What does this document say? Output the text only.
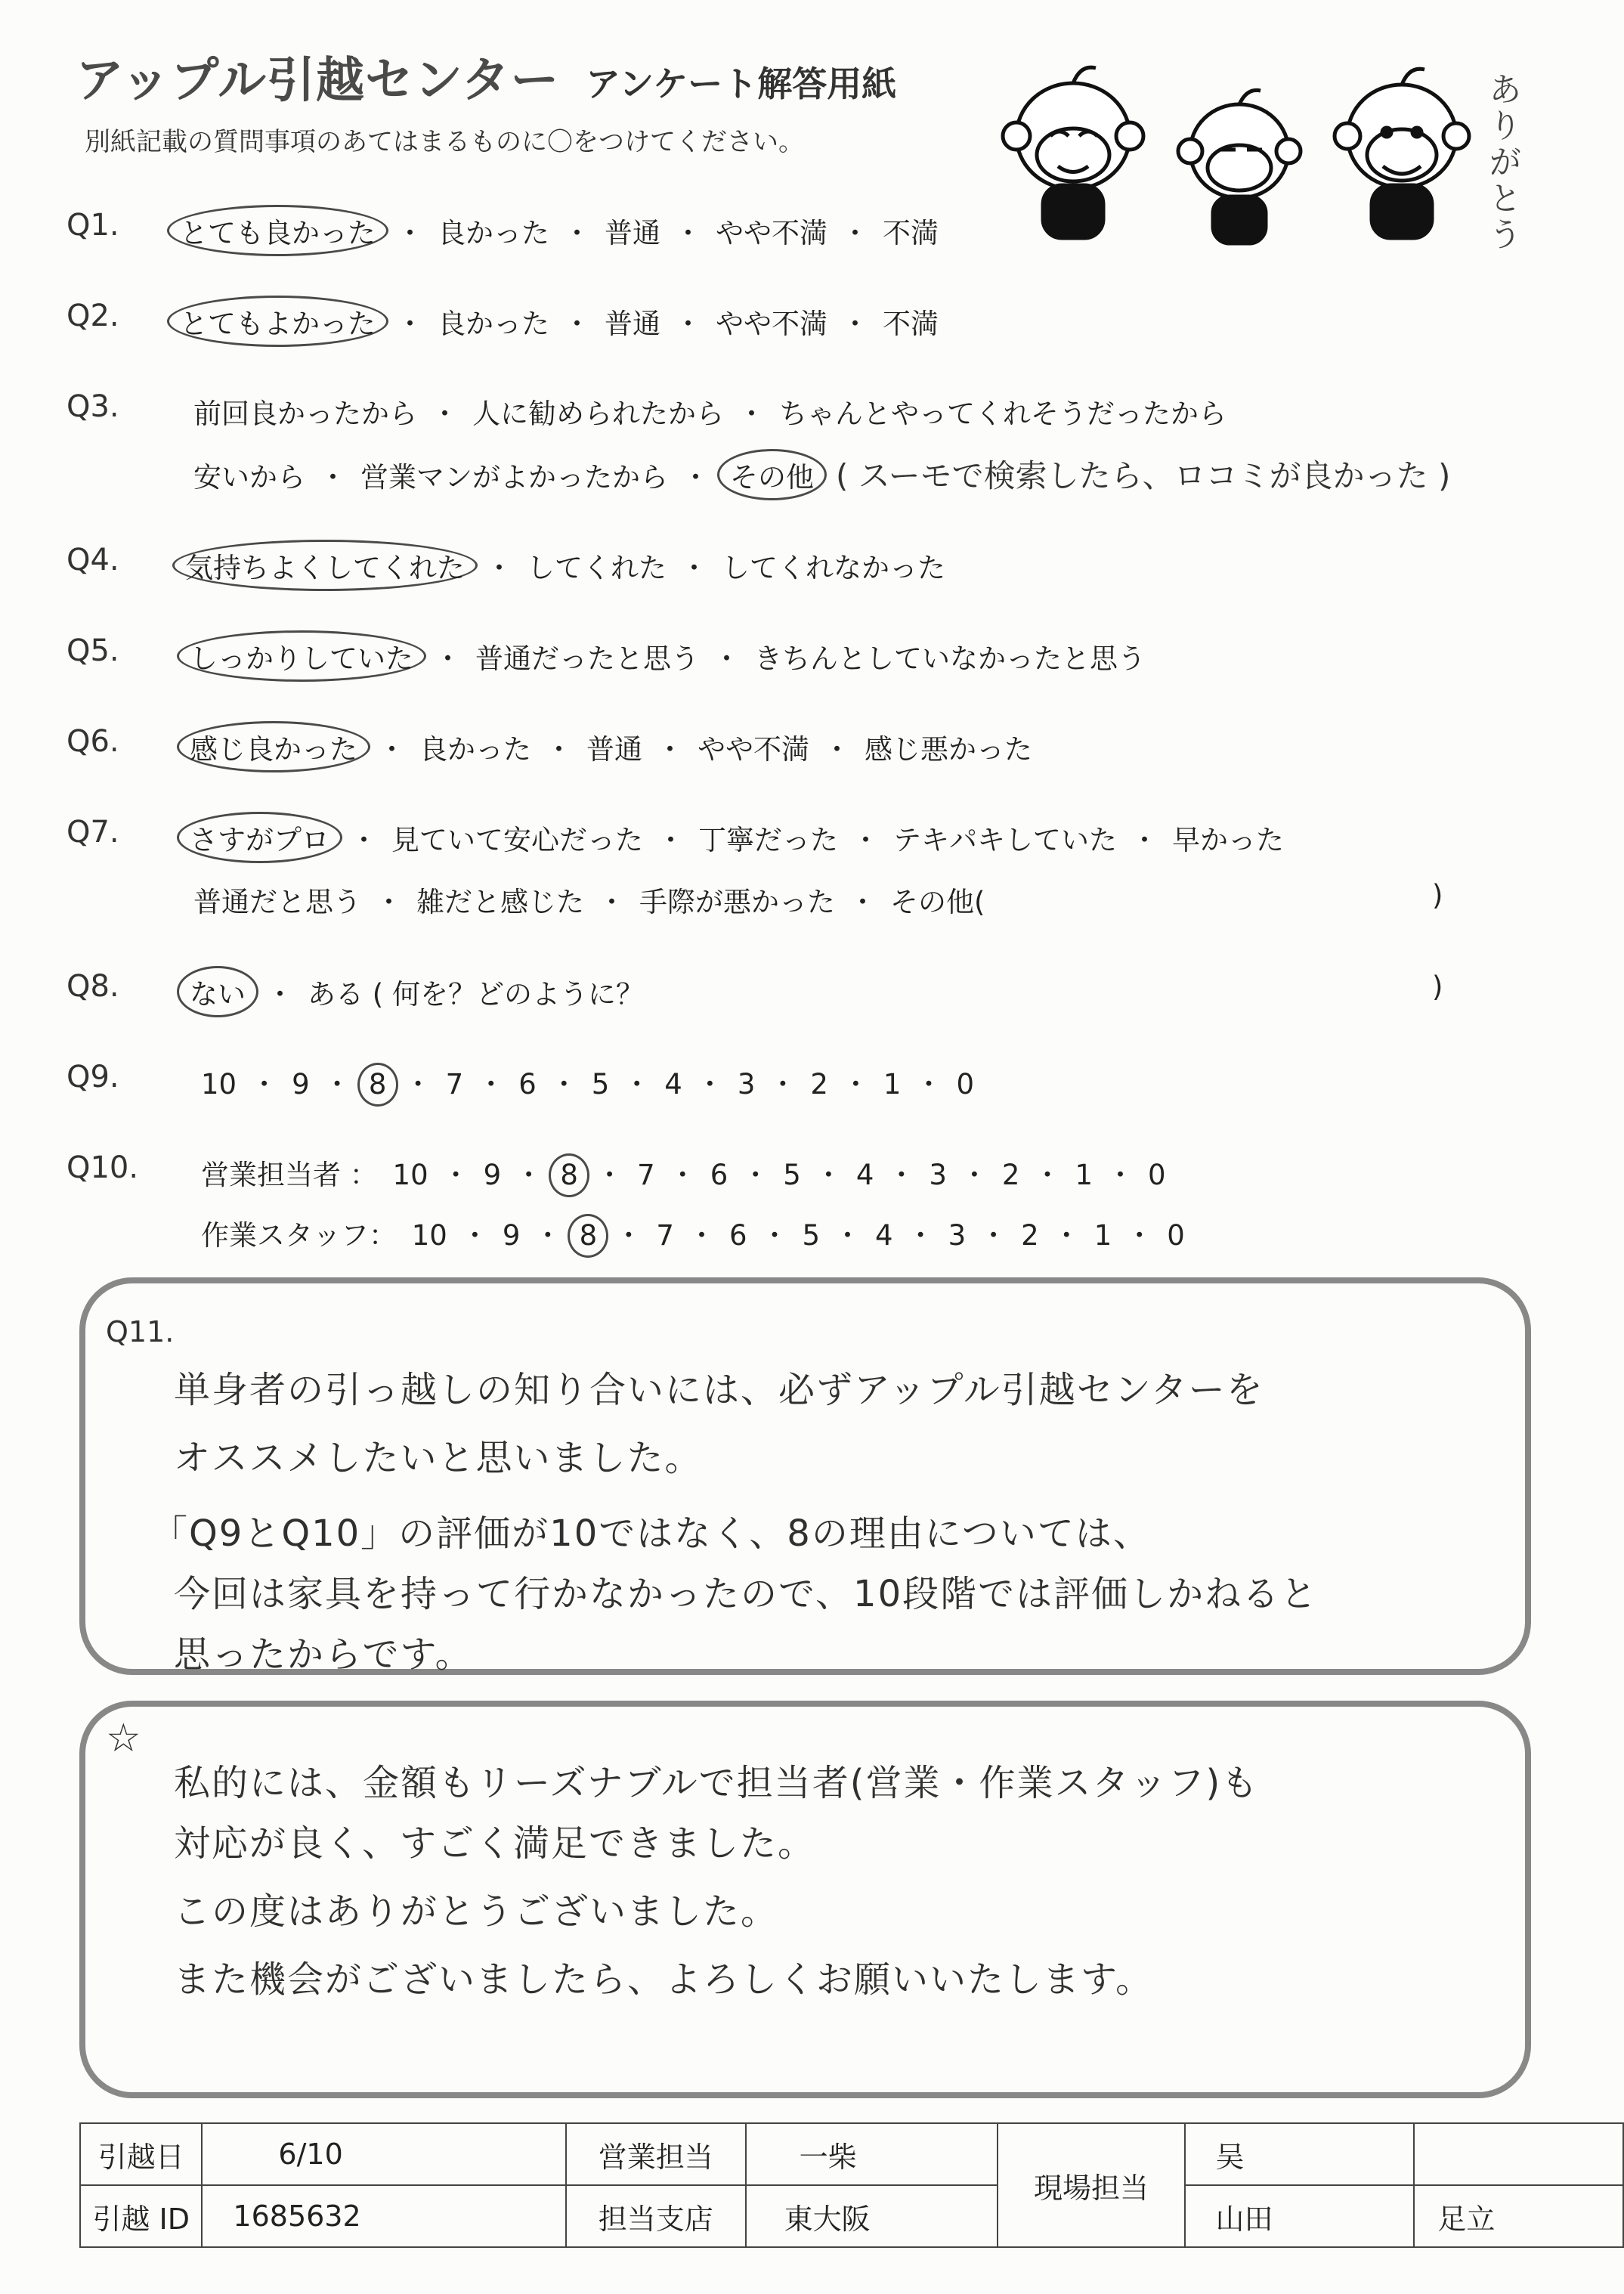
アップル引越センター アンケート解答用紙
別紙記載の質問事項のあてはまるものに〇をつけてください。	ありがとう
Q1.	とても良かった ・ 良かった ・ 普通 ・ やや不満 ・ 不満
Q2.	とてもよかった ・ 良かった ・ 普通 ・ やや不満 ・ 不満
Q3.	前回良かったから ・ 人に勧められたから ・ ちゃんとやってくれそうだったから
安いから ・ 営業マンがよかったから ・ その他 ( スーモで検索したら、ロコミが良かった )
Q4.	気持ちよくしてくれた ・ してくれた ・ してくれなかった
Q5.	しっかりしていた ・ 普通だったと思う ・ きちんとしていなかったと思う
Q6.	感じ良かった ・ 良かった ・ 普通 ・ やや不満 ・ 感じ悪かった
Q7.	さすがプロ ・ 見ていて安心だった ・ 丁寧だった ・ テキパキしていた ・ 早かった
普通だと思う ・ 雑だと感じた ・ 手際が悪かった ・ その他(	)
Q8.	ない ・ ある ( 何を？どのように？	)
Q9.	10 ・ 9 ・ 8 ・ 7 ・ 6 ・ 5 ・ 4 ・ 3 ・ 2 ・ 1 ・ 0
Q10. 営業担当者 ： 10 ・ 9 ・ 8 ・ 7 ・ 6 ・ 5 ・ 4 ・ 3 ・ 2 ・ 1 ・ 0
作業スタッフ： 10 ・ 9 ・ 8 ・ 7 ・ 6 ・ 5 ・ 4 ・ 3 ・ 2 ・ 1 ・ 0
Q11.
単身者の引っ越しの知り合いには、必ずアップル引越センターを
オススメしたいと思いました。
「Q9とQ10」の評価が10ではなく、8の理由については、
今回は家具を持って行かなかったので、10段階では評価しかねると
思ったからです。
☆
私的には、金額もリーズナブルで担当者(営業・作業スタッフ)も
対応が良く、すごく満足できました。
この度はありがとうございました。
また機会がございましたら、よろしくお願いいたします。
引越日	6/10	営業担当	一柴	現場担当	吴	
引越 ID	1685632	担当支店	東大阪		山田	足立
